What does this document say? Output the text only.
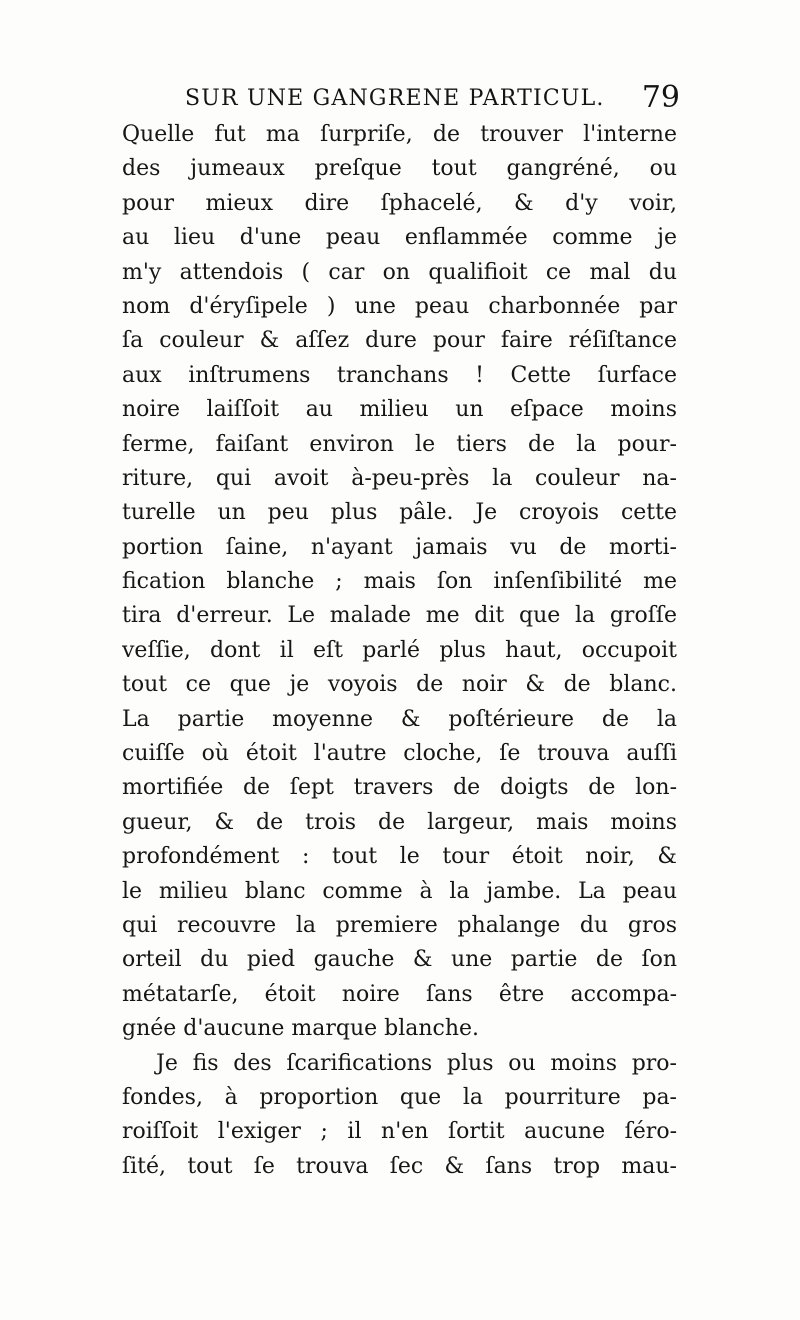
SUR UNE GANGRENE PARTICUL. 79
Quelle fut ma ſurpriſe, de trouver l'interne
des jumeaux preſque tout gangréné, ou
pour mieux dire ſphacelé, & d'y voir,
au lieu d'une peau enflammée comme je
m'y attendois ( car on qualifioit ce mal du
nom d'éryſipele ) une peau charbonnée par
ſa couleur & aſſez dure pour faire réſiſtance
aux inſtrumens tranchans ! Cette ſurface
noire laiſſoit au milieu un eſpace moins
ferme, faiſant environ le tiers de la pour-
riture, qui avoit à-peu-près la couleur na-
turelle un peu plus pâle. Je croyois cette
portion ſaine, n'ayant jamais vu de morti-
fication blanche ; mais ſon inſenſibilité me
tira d'erreur. Le malade me dit que la groſſe
veſſie, dont il eſt parlé plus haut, occupoit
tout ce que je voyois de noir & de blanc.
La partie moyenne & poſtérieure de la
cuiſſe où étoit l'autre cloche, ſe trouva auſſi
mortifiée de ſept travers de doigts de lon-
gueur, & de trois de largeur, mais moins
profondément : tout le tour étoit noir, &
le milieu blanc comme à la jambe. La peau
qui recouvre la premiere phalange du gros
orteil du pied gauche & une partie de ſon
métatarſe, étoit noire ſans être accompa-
gnée d'aucune marque blanche.
Je fis des ſcarifications plus ou moins pro-
fondes, à proportion que la pourriture pa-
roiſſoit l'exiger ; il n'en ſortit aucune ſéro-
ſité, tout ſe trouva ſec & ſans trop mau-
